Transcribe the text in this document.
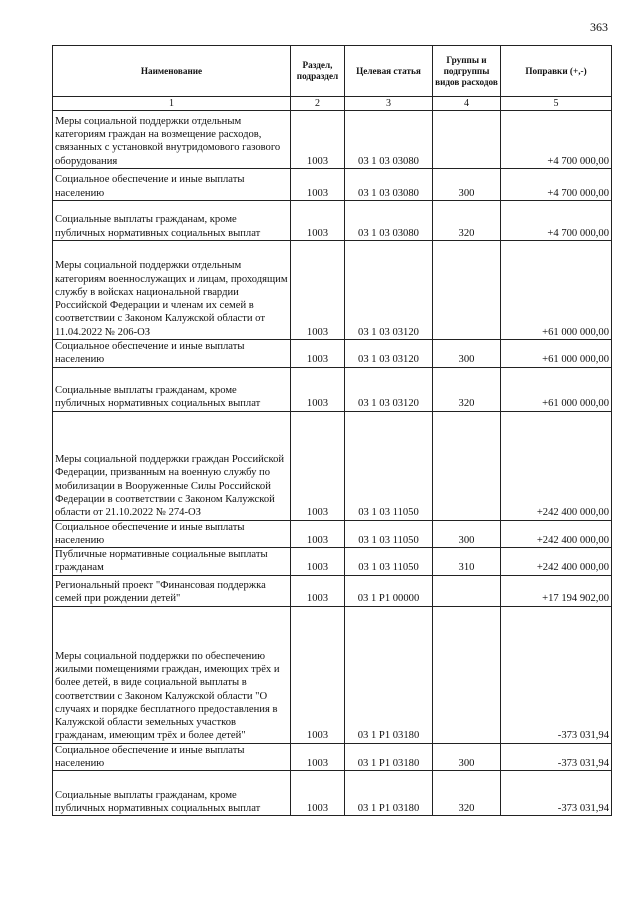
363
Наименование	Раздел, подраздел	Целевая статья	Группы и подгруппы видов расходов	Поправки (+,-)
1	2	3	4	5
Меры социальной поддержки отдельным категориям граждан на возмещение расходов, связанных с установкой внутридомового газового оборудования	1003	03 1 03 03080		+4 700 000,00
Социальное обеспечение и иные выплаты населению	1003	03 1 03 03080	300	+4 700 000,00
Социальные выплаты гражданам, кроме публичных нормативных социальных выплат	1003	03 1 03 03080	320	+4 700 000,00
Меры социальной поддержки отдельным категориям военнослужащих и лицам, проходящим службу в войсках национальной гвардии Российской Федерации и членам их семей в соответствии с Законом Калужской области от 11.04.2022 № 206-ОЗ	1003	03 1 03 03120		+61 000 000,00
Социальное обеспечение и иные выплаты населению	1003	03 1 03 03120	300	+61 000 000,00
Социальные выплаты гражданам, кроме публичных нормативных социальных выплат	1003	03 1 03 03120	320	+61 000 000,00
Меры социальной поддержки граждан Российской Федерации, призванным на военную службу по мобилизации в Вооруженные Силы Российской Федерации в соответствии с Законом Калужской области от 21.10.2022 № 274-ОЗ	1003	03 1 03 11050		+242 400 000,00
Социальное обеспечение и иные выплаты населению	1003	03 1 03 11050	300	+242 400 000,00
Публичные нормативные социальные выплаты гражданам	1003	03 1 03 11050	310	+242 400 000,00
Региональный проект "Финансовая поддержка семей при рождении детей"	1003	03 1 Р1 00000		+17 194 902,00
Меры социальной поддержки по обеспечению жилыми помещениями граждан, имеющих трёх и более детей, в виде социальной выплаты в соответствии с Законом Калужской области "О случаях и порядке бесплатного предоставления в Калужской области земельных участков гражданам, имеющим трёх и более детей"	1003	03 1 Р1 03180		-373 031,94
Социальное обеспечение и иные выплаты населению	1003	03 1 Р1 03180	300	-373 031,94
Социальные выплаты гражданам, кроме публичных нормативных социальных выплат	1003	03 1 Р1 03180	320	-373 031,94
